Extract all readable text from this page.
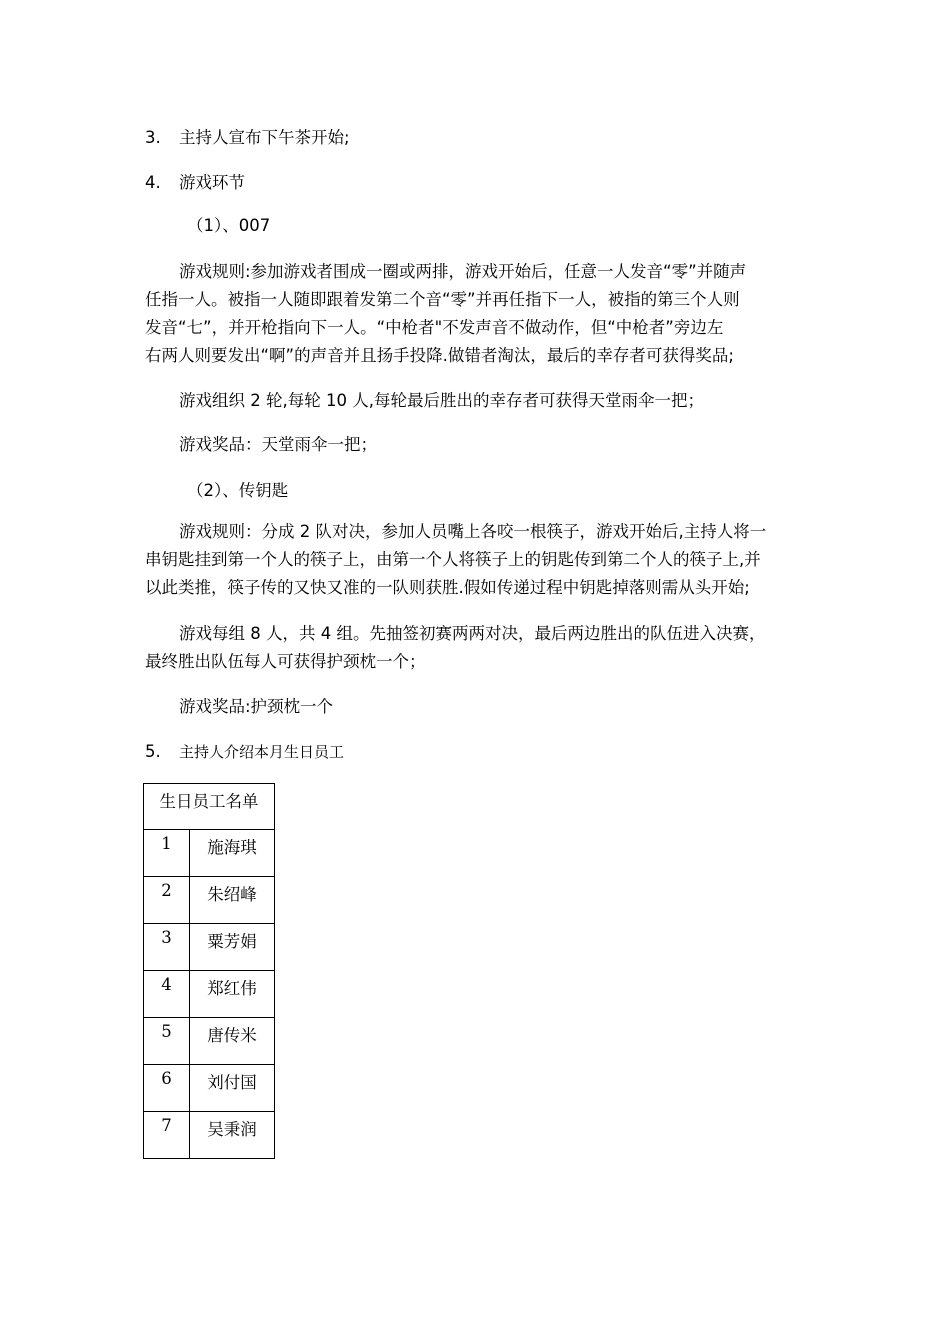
3. 主持人宣布下午茶开始;
4. 游戏环节
（1）、007
游戏规则:参加游戏者围成一圈或两排，游戏开始后，任意一人发音“零”并随声
任指一人。被指一人随即跟着发第二个音“零”并再任指下一人，被指的第三个人则
发音“七”，并开枪指向下一人。“中枪者"不发声音不做动作，但“中枪者”旁边左
右两人则要发出“啊”的声音并且扬手投降.做错者淘汰，最后的幸存者可获得奖品;
游戏组织 2 轮,每轮 10 人,每轮最后胜出的幸存者可获得天堂雨伞一把；
游戏奖品：天堂雨伞一把；
（2）、传钥匙
游戏规则：分成 2 队对决，参加人员嘴上各咬一根筷子，游戏开始后,主持人将一
串钥匙挂到第一个人的筷子上，由第一个人将筷子上的钥匙传到第二个人的筷子上,并
以此类推，筷子传的又快又准的一队则获胜.假如传递过程中钥匙掉落则需从头开始;
游戏每组 8 人，共 4 组。先抽签初赛两两对决，最后两边胜出的队伍进入决赛，
最终胜出队伍每人可获得护颈枕一个；
游戏奖品:护颈枕一个
5. 主持人介绍本月生日员工
生日员工名单	
1	施海琪
2	朱绍峰
3	粟芳娟
4	郑红伟
5	唐传米
6	刘付国
7	吴秉润
